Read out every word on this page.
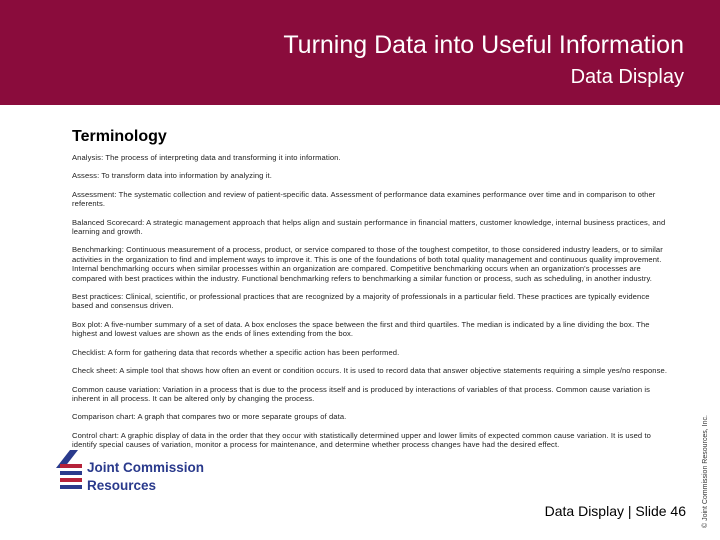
Turning Data into Useful Information
Data Display
Terminology

Analysis: The process of interpreting data and transforming it into information.

Assess: To transform data into information by analyzing it.

Assessment: The systematic collection and review of patient-specific data. Assessment of performance data examines performance over time and in comparison to other referents.

Balanced Scorecard: A strategic management approach that helps align and sustain performance in financial matters, customer knowledge, internal business practices, and learning and growth.

Benchmarking: Continuous measurement of a process, product, or service compared to those of the toughest competitor, to those considered industry leaders, or to similar activities in the organization to find and implement ways to improve it. This is one of the foundations of both total quality management and continuous quality improvement. Internal benchmarking occurs when similar processes within an organization are compared. Competitive benchmarking occurs when an organization's processes are compared with best practices within the industry. Functional benchmarking refers to benchmarking a similar function or process, such as scheduling, in another industry.

Best practices: Clinical, scientific, or professional practices that are recognized by a majority of professionals in a particular field. These practices are typically evidence based and consensus driven.

Box plot: A five-number summary of a set of data. A box encloses the space between the first and third quartiles. The median is indicated by a line dividing the box. The highest and lowest values are shown as the ends of lines extending from the box.

Checklist: A form for gathering data that records whether a specific action has been performed.

Check sheet: A simple tool that shows how often an event or condition occurs. It is used to record data that answer objective statements requiring a simple yes/no response.

Common cause variation: Variation in a process that is due to the process itself and is produced by interactions of variables of that process. Common cause variation is inherent in all process. It can be altered only by changing the process.

Comparison chart: A graph that compares two or more separate groups of data.

Control chart: A graphic display of data in the order that they occur with statistically determined upper and lower limits of expected common cause variation. It is used to identify special causes of variation, monitor a process for maintenance, and determine whether process changes have had the desired effect.

Joint Commission
Resources
Data Display | Slide 46 © Joint Commission Resources, Inc.
